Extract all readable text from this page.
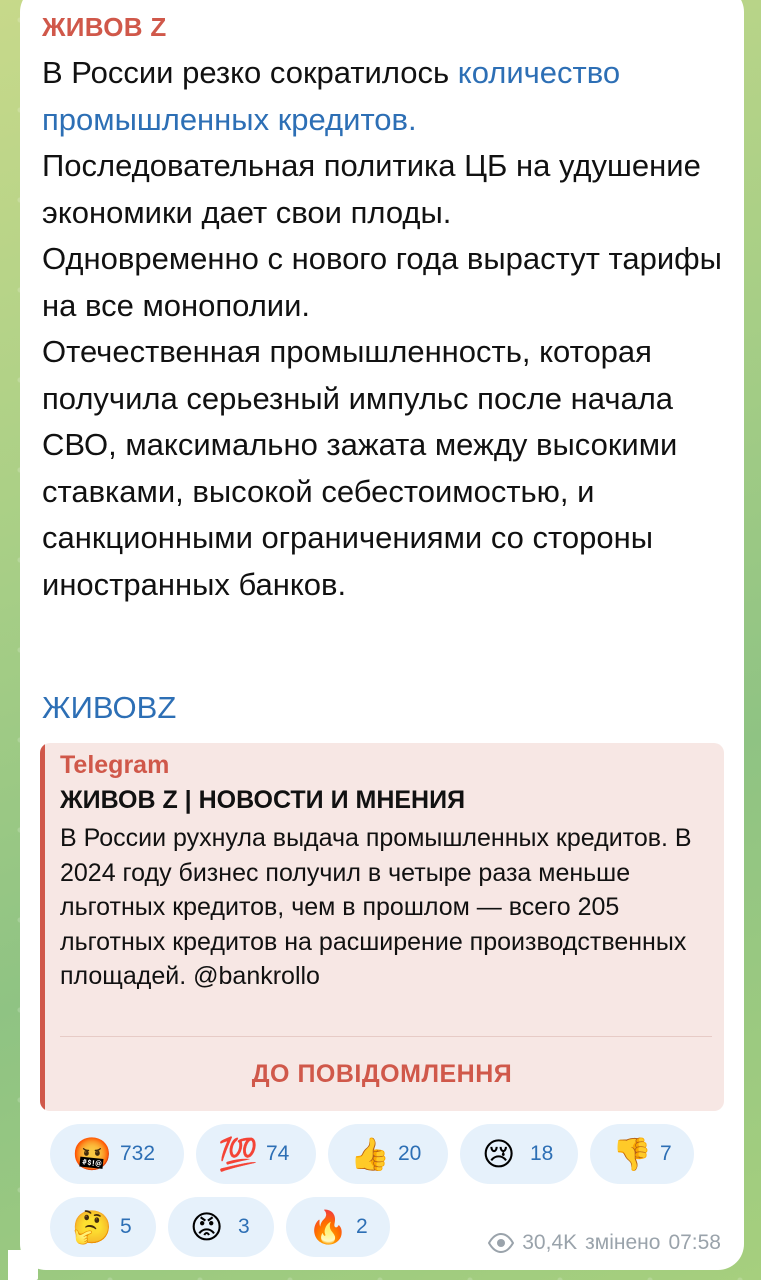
ЖИВОВ Z

В России резко сократилось количество промышленных кредитов.

Последовательная политика ЦБ на удушение экономики дает свои плоды.

Одновременно с нового года вырастут тарифы на все монополии.

Отечественная промышленность, которая получила серьезный импульс после начала СВО, максимально зажата между высокими ставками, высокой себестоимостью, и санкционными ограничениями со стороны иностранных банков.

ЖИВОВZ
Telegram
ЖИВОВ Z | НОВОСТИ И МНЕНИЯ
В России рухнула выдача промышленных кредитов. В 2024 году бизнес получил в четыре раза меньше льготных кредитов, чем в прошлом — всего 205 льготных кредитов на расширение производственных площадей. @bankrollo
ДО ПОВІДОМЛЕННЯ
🤬 732 💯 74 👍 20 😢 18 👎 7
🤔 5 😡 3 🔥 2
30,4K змінено 07:58
